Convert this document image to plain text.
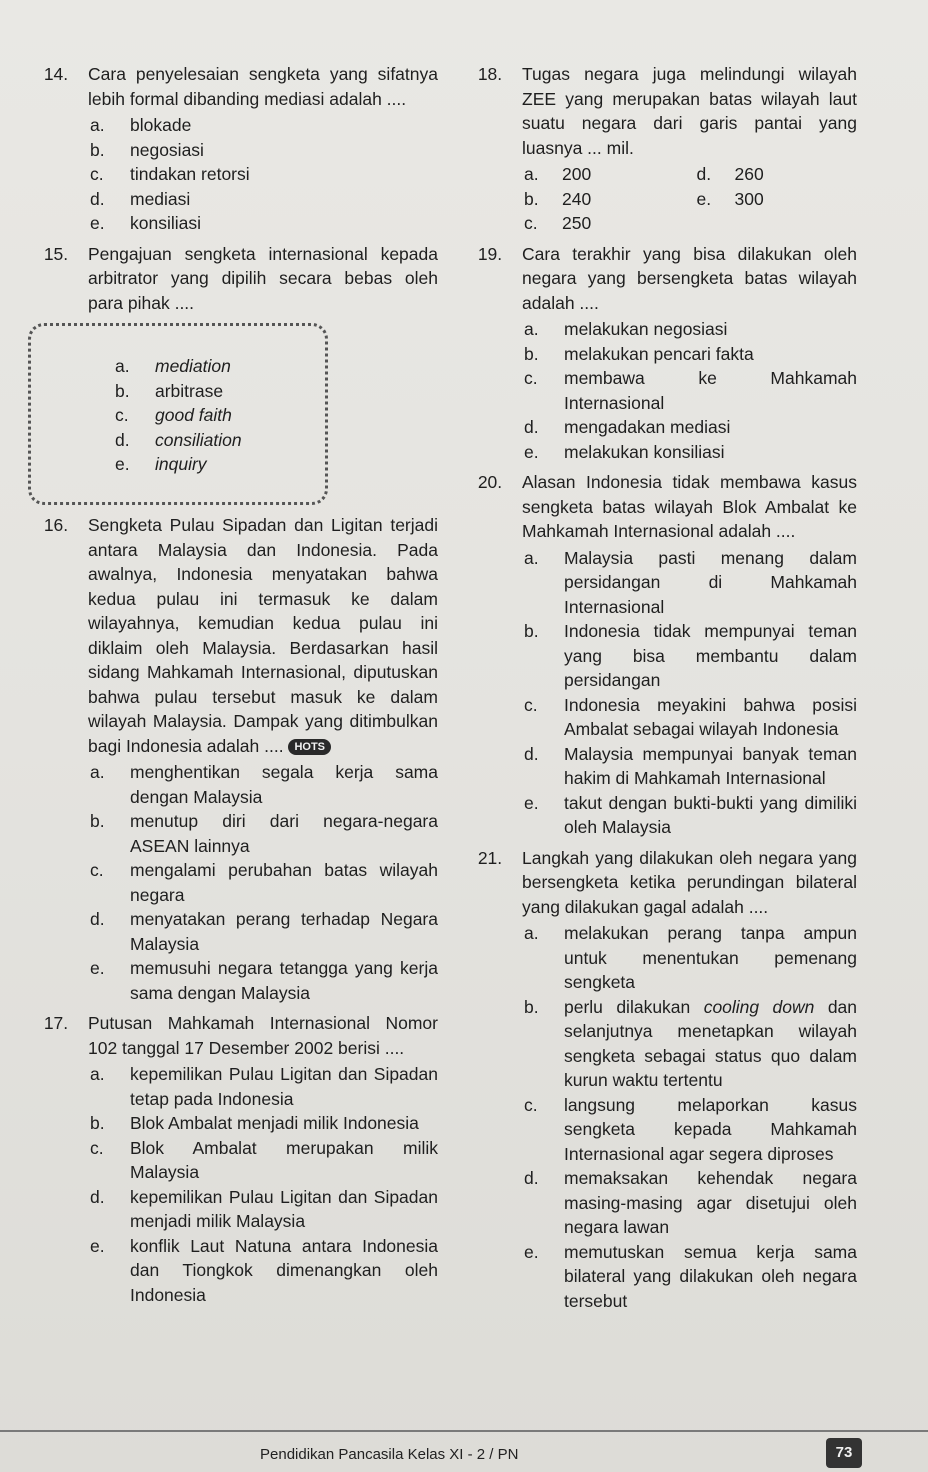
14.	Cara penyelesaian sengketa yang sifatnya lebih formal dibanding mediasi adalah ....
a. blokade
b. negosiasi
c. tindakan retorsi
d. mediasi
e. konsiliasi
15.	Pengajuan sengketa internasional kepada arbitrator yang dipilih secara bebas oleh para pihak ....
a. mediation
b. arbitrase
c. good faith
d. consiliation
e. inquiry
16.	Sengketa Pulau Sipadan dan Ligitan terjadi antara Malaysia dan Indonesia. Pada awalnya, Indonesia menyatakan bahwa kedua pulau ini termasuk ke dalam wilayahnya, kemudian kedua pulau ini diklaim oleh Malaysia. Berdasarkan hasil sidang Mahkamah Internasional, diputuskan bahwa pulau tersebut masuk ke dalam wilayah Malaysia. Dampak yang ditimbulkan bagi Indonesia adalah .... HOTS
a. menghentikan segala kerja sama dengan Malaysia
b. menutup diri dari negara-negara ASEAN lainnya
c. mengalami perubahan batas wilayah negara
d. menyatakan perang terhadap Negara Malaysia
e. memusuhi negara tetangga yang kerja sama dengan Malaysia
17.	Putusan Mahkamah Internasional Nomor 102 tanggal 17 Desember 2002 berisi ....
a. kepemilikan Pulau Ligitan dan Sipadan tetap pada Indonesia
b. Blok Ambalat menjadi milik Indonesia
c. Blok Ambalat merupakan milik Malaysia
d. kepemilikan Pulau Ligitan dan Sipadan menjadi milik Malaysia
e. konflik Laut Natuna antara Indonesia dan Tiongkok dimenangkan oleh Indonesia
18.	Tugas negara juga melindungi wilayah ZEE yang merupakan batas wilayah laut suatu negara dari garis pantai yang luasnya ... mil.
a. 200	d. 260
b. 240	e. 300
c. 250
19.	Cara terakhir yang bisa dilakukan oleh negara yang bersengketa batas wilayah adalah ....
a. melakukan negosiasi
b. melakukan pencari fakta
c. membawa ke Mahkamah Internasional
d. mengadakan mediasi
e. melakukan konsiliasi
20.	Alasan Indonesia tidak membawa kasus sengketa batas wilayah Blok Ambalat ke Mahkamah Internasional adalah ....
a. Malaysia pasti menang dalam persidangan di Mahkamah Internasional
b. Indonesia tidak mempunyai teman yang bisa membantu dalam persidangan
c. Indonesia meyakini bahwa posisi Ambalat sebagai wilayah Indonesia
d. Malaysia mempunyai banyak teman hakim di Mahkamah Internasional
e. takut dengan bukti-bukti yang dimiliki oleh Malaysia
21.	Langkah yang dilakukan oleh negara yang bersengketa ketika perundingan bilateral yang dilakukan gagal adalah ....
a. melakukan perang tanpa ampun untuk menentukan pemenang sengketa
b. perlu dilakukan cooling down dan selanjutnya menetapkan wilayah sengketa sebagai status quo dalam kurun waktu tertentu
c. langsung melaporkan kasus sengketa kepada Mahkamah Internasional agar segera diproses
d. memaksakan kehendak negara masing-masing agar disetujui oleh negara lawan
e. memutuskan semua kerja sama bilateral yang dilakukan oleh negara tersebut
Pendidikan Pancasila Kelas XI - 2 / PN	73
